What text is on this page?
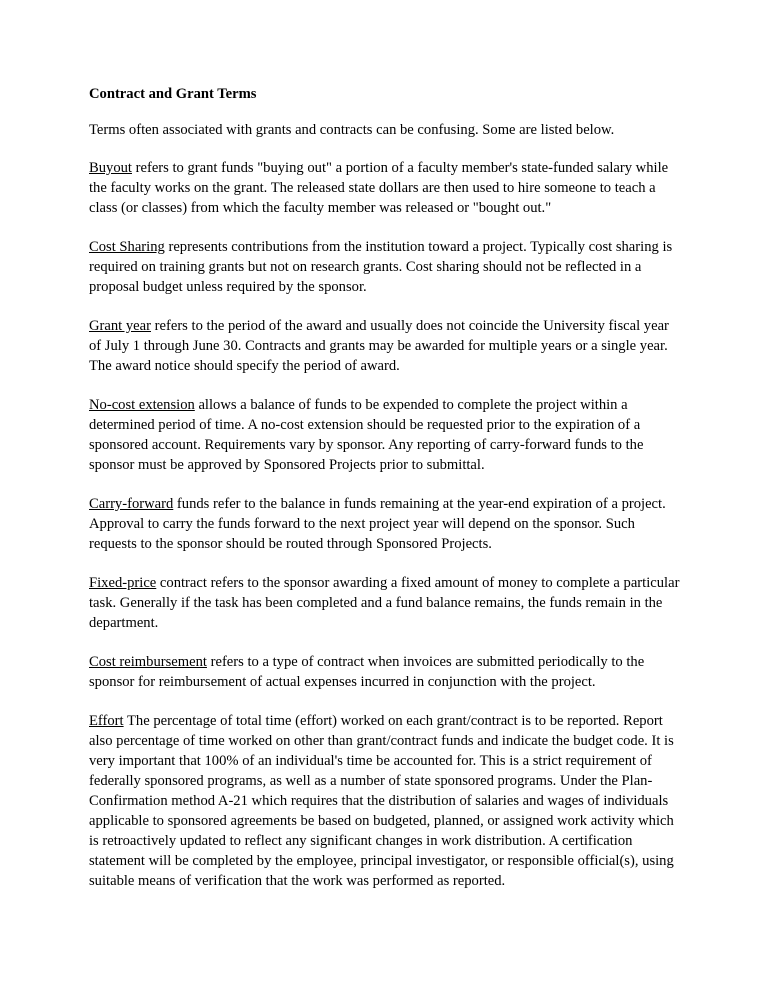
Contract and Grant Terms

Terms often associated with grants and contracts can be confusing. Some are listed below.

Buyout refers to grant funds "buying out" a portion of a faculty member's state-funded salary while the faculty works on the grant. The released state dollars are then used to hire someone to teach a class (or classes) from which the faculty member was released or "bought out."

Cost Sharing represents contributions from the institution toward a project. Typically cost sharing is required on training grants but not on research grants. Cost sharing should not be reflected in a proposal budget unless required by the sponsor.

Grant year refers to the period of the award and usually does not coincide the University fiscal year of July 1 through June 30. Contracts and grants may be awarded for multiple years or a single year. The award notice should specify the period of award.

No-cost extension allows a balance of funds to be expended to complete the project within a determined period of time. A no-cost extension should be requested prior to the expiration of a sponsored account. Requirements vary by sponsor. Any reporting of carry-forward funds to the sponsor must be approved by Sponsored Projects prior to submittal.

Carry-forward funds refer to the balance in funds remaining at the year-end expiration of a project. Approval to carry the funds forward to the next project year will depend on the sponsor. Such requests to the sponsor should be routed through Sponsored Projects.

Fixed-price contract refers to the sponsor awarding a fixed amount of money to complete a particular task. Generally if the task has been completed and a fund balance remains, the funds remain in the department.

Cost reimbursement refers to a type of contract when invoices are submitted periodically to the sponsor for reimbursement of actual expenses incurred in conjunction with the project.

Effort The percentage of total time (effort) worked on each grant/contract is to be reported. Report also percentage of time worked on other than grant/contract funds and indicate the budget code. It is very important that 100% of an individual's time be accounted for. This is a strict requirement of federally sponsored programs, as well as a number of state sponsored programs. Under the Plan-Confirmation method A-21 which requires that the distribution of salaries and wages of individuals applicable to sponsored agreements be based on budgeted, planned, or assigned work activity which is retroactively updated to reflect any significant changes in work distribution. A certification statement will be completed by the employee, principal investigator, or responsible official(s), using suitable means of verification that the work was performed as reported.
